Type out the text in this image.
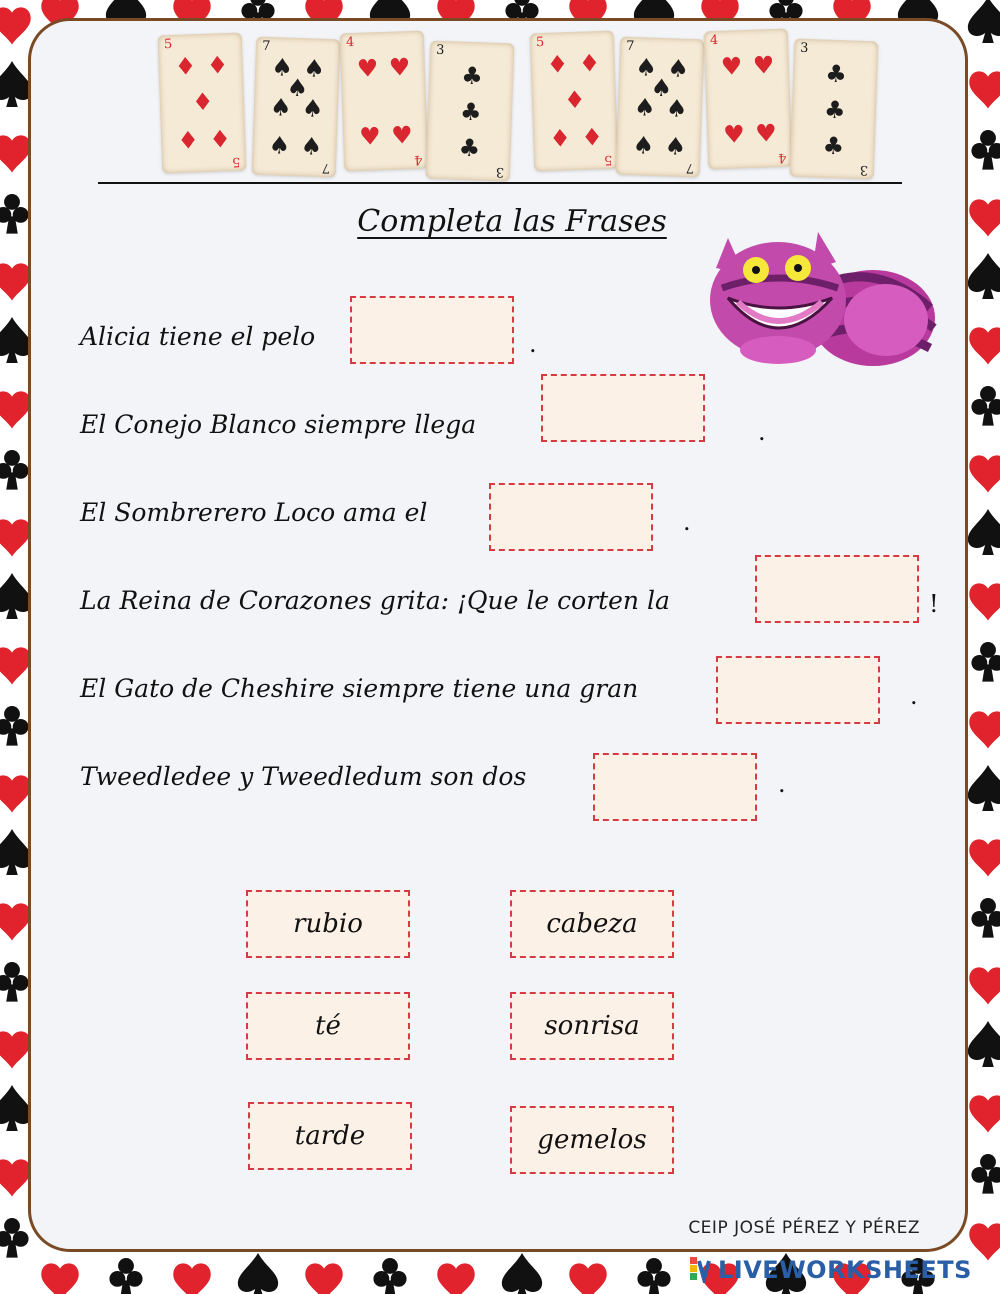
5
5
♦ ♦
♦
♦ ♦
7
7
♠ ♠
♠
♠ ♠
♠ ♠
4
4
♥ ♥
♥ ♥
3
3
♣
♣
♣
5
5
♦ ♦
♦
♦ ♦
7
7
♠ ♠
♠
♠ ♠
♠ ♠
4
4
♥ ♥
♥ ♥
3
3
♣
♣
♣
Completa las Frases
Alicia tiene el pelo	.
El Conejo Blanco siempre llega	.
El Sombrerero Loco ama el	.
La Reina de Corazones grita: ¡Que le corten la	!
El Gato de Cheshire siempre tiene una gran	.
Tweedledee y Tweedledum son dos	.
rubio	cabeza
té	sonrisa
tarde	gemelos
CEIP JOSÉ PÉREZ Y PÉREZ
LIVEWORKSHEETS
